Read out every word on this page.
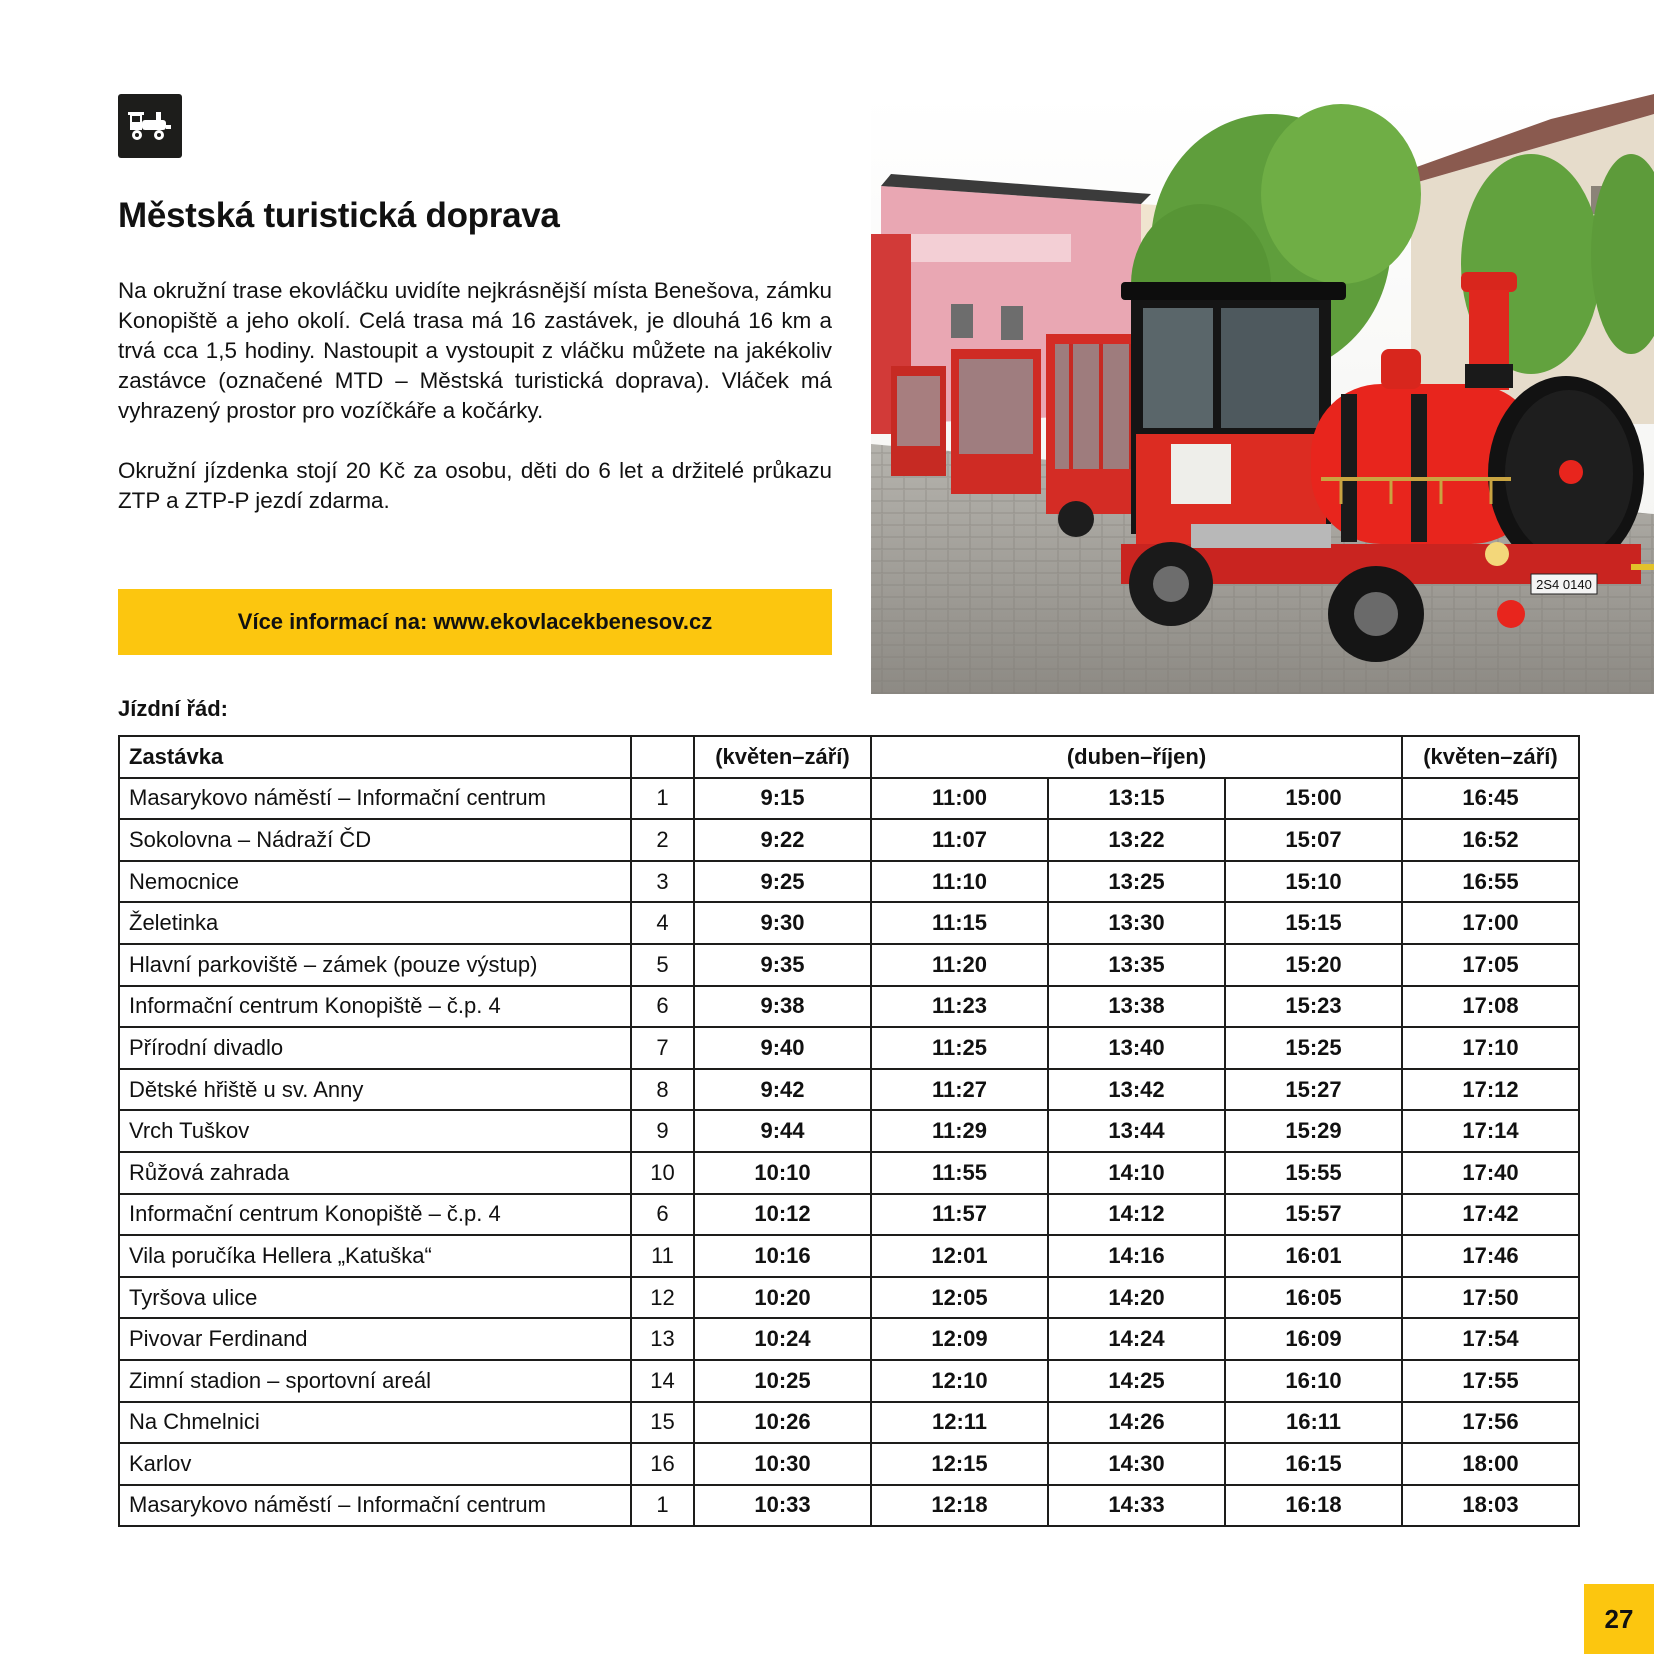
Městská turistická doprava

Na okružní trase ekovláčku uvidíte nejkrásnější místa Benešova, zámku Konopiště a jeho okolí. Celá trasa má 16 zastávek, je dlouhá 16 km a trvá cca 1,5 hodiny. Nastoupit a vystoupit z vláčku můžete na jakékoliv zastávce (označené MTD – Městská turistická doprava). Vláček má vyhrazený prostor pro vozíčkáře a kočárky.

Okružní jízdenka stojí 20 Kč za osobu, děti do 6 let a držitelé průkazu ZTP a ZTP-P jezdí zdarma.

Více informací na: www.ekovlacekbenesov.cz
2S4 0140
Jízdní řád:
Zastávka		(květen–září)	(duben–říjen)			(květen–září)
Masarykovo náměstí – Informační centrum	1	9:15	11:00	13:15	15:00	16:45
Sokolovna – Nádraží ČD	2	9:22	11:07	13:22	15:07	16:52
Nemocnice	3	9:25	11:10	13:25	15:10	16:55
Želetinka	4	9:30	11:15	13:30	15:15	17:00
Hlavní parkoviště – zámek (pouze výstup)	5	9:35	11:20	13:35	15:20	17:05
Informační centrum Konopiště – č.p. 4	6	9:38	11:23	13:38	15:23	17:08
Přírodní divadlo	7	9:40	11:25	13:40	15:25	17:10
Dětské hřiště u sv. Anny	8	9:42	11:27	13:42	15:27	17:12
Vrch Tuškov	9	9:44	11:29	13:44	15:29	17:14
Růžová zahrada	10	10:10	11:55	14:10	15:55	17:40
Informační centrum Konopiště – č.p. 4	6	10:12	11:57	14:12	15:57	17:42
Vila poručíka Hellera „Katuška“	11	10:16	12:01	14:16	16:01	17:46
Tyršova ulice	12	10:20	12:05	14:20	16:05	17:50
Pivovar Ferdinand	13	10:24	12:09	14:24	16:09	17:54
Zimní stadion – sportovní areál	14	10:25	12:10	14:25	16:10	17:55
Na Chmelnici	15	10:26	12:11	14:26	16:11	17:56
Karlov	16	10:30	12:15	14:30	16:15	18:00
Masarykovo náměstí – Informační centrum	1	10:33	12:18	14:33	16:18	18:03
27
